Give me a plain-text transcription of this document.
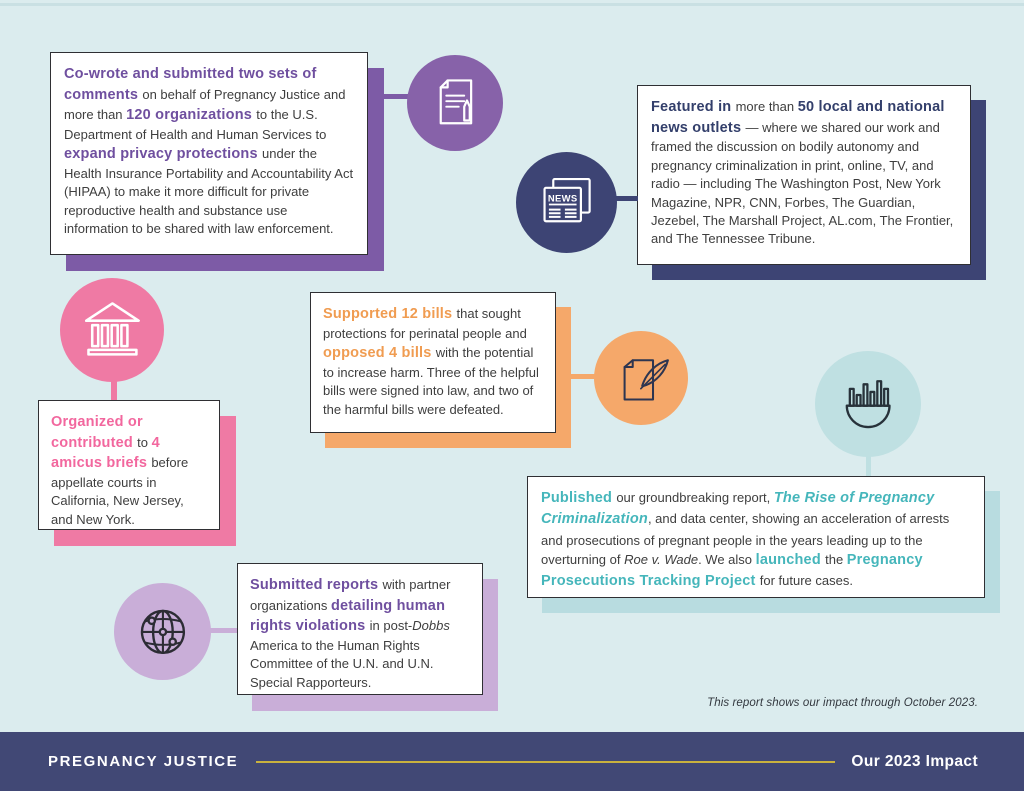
Co-wrote and submitted two sets of comments on behalf of Pregnancy Justice and more than 120 organizations to the U.S. Department of Health and Human Services to expand privacy protections under the Health Insurance Portability and Accountability Act (HIPAA) to make it more difficult for private reproductive health and substance use information to be shared with law enforcement.
Featured in more than 50 local and national news outlets — where we shared our work and framed the discussion on bodily autonomy and pregnancy criminalization in print, online, TV, and radio — including The Washington Post, New York Magazine, NPR, CNN, Forbes, The Guardian, Jezebel, The Marshall Project, AL.com, The Frontier, and The Tennessee Tribune.
NEWS
Supported 12 bills that sought protections for perinatal people and opposed 4 bills with the potential to increase harm. Three of the helpful bills were signed into law, and two of the harmful bills were defeated.
Organized or contributed to 4 amicus briefs before appellate courts in California, New Jersey, and New York.
Published our groundbreaking report, The Rise of Pregnancy Criminalization, and data center, showing an acceleration of arrests and prosecutions of pregnant people in the years leading up to the overturning of Roe v. Wade. We also launched the Pregnancy Prosecutions Tracking Project for future cases.
Submitted reports with partner organizations detailing human rights violations in post-Dobbs America to the Human Rights Committee of the U.N. and U.N. Special Rapporteurs.
This report shows our impact through October 2023.
PREGNANCY JUSTICE	Our 2023 Impact
